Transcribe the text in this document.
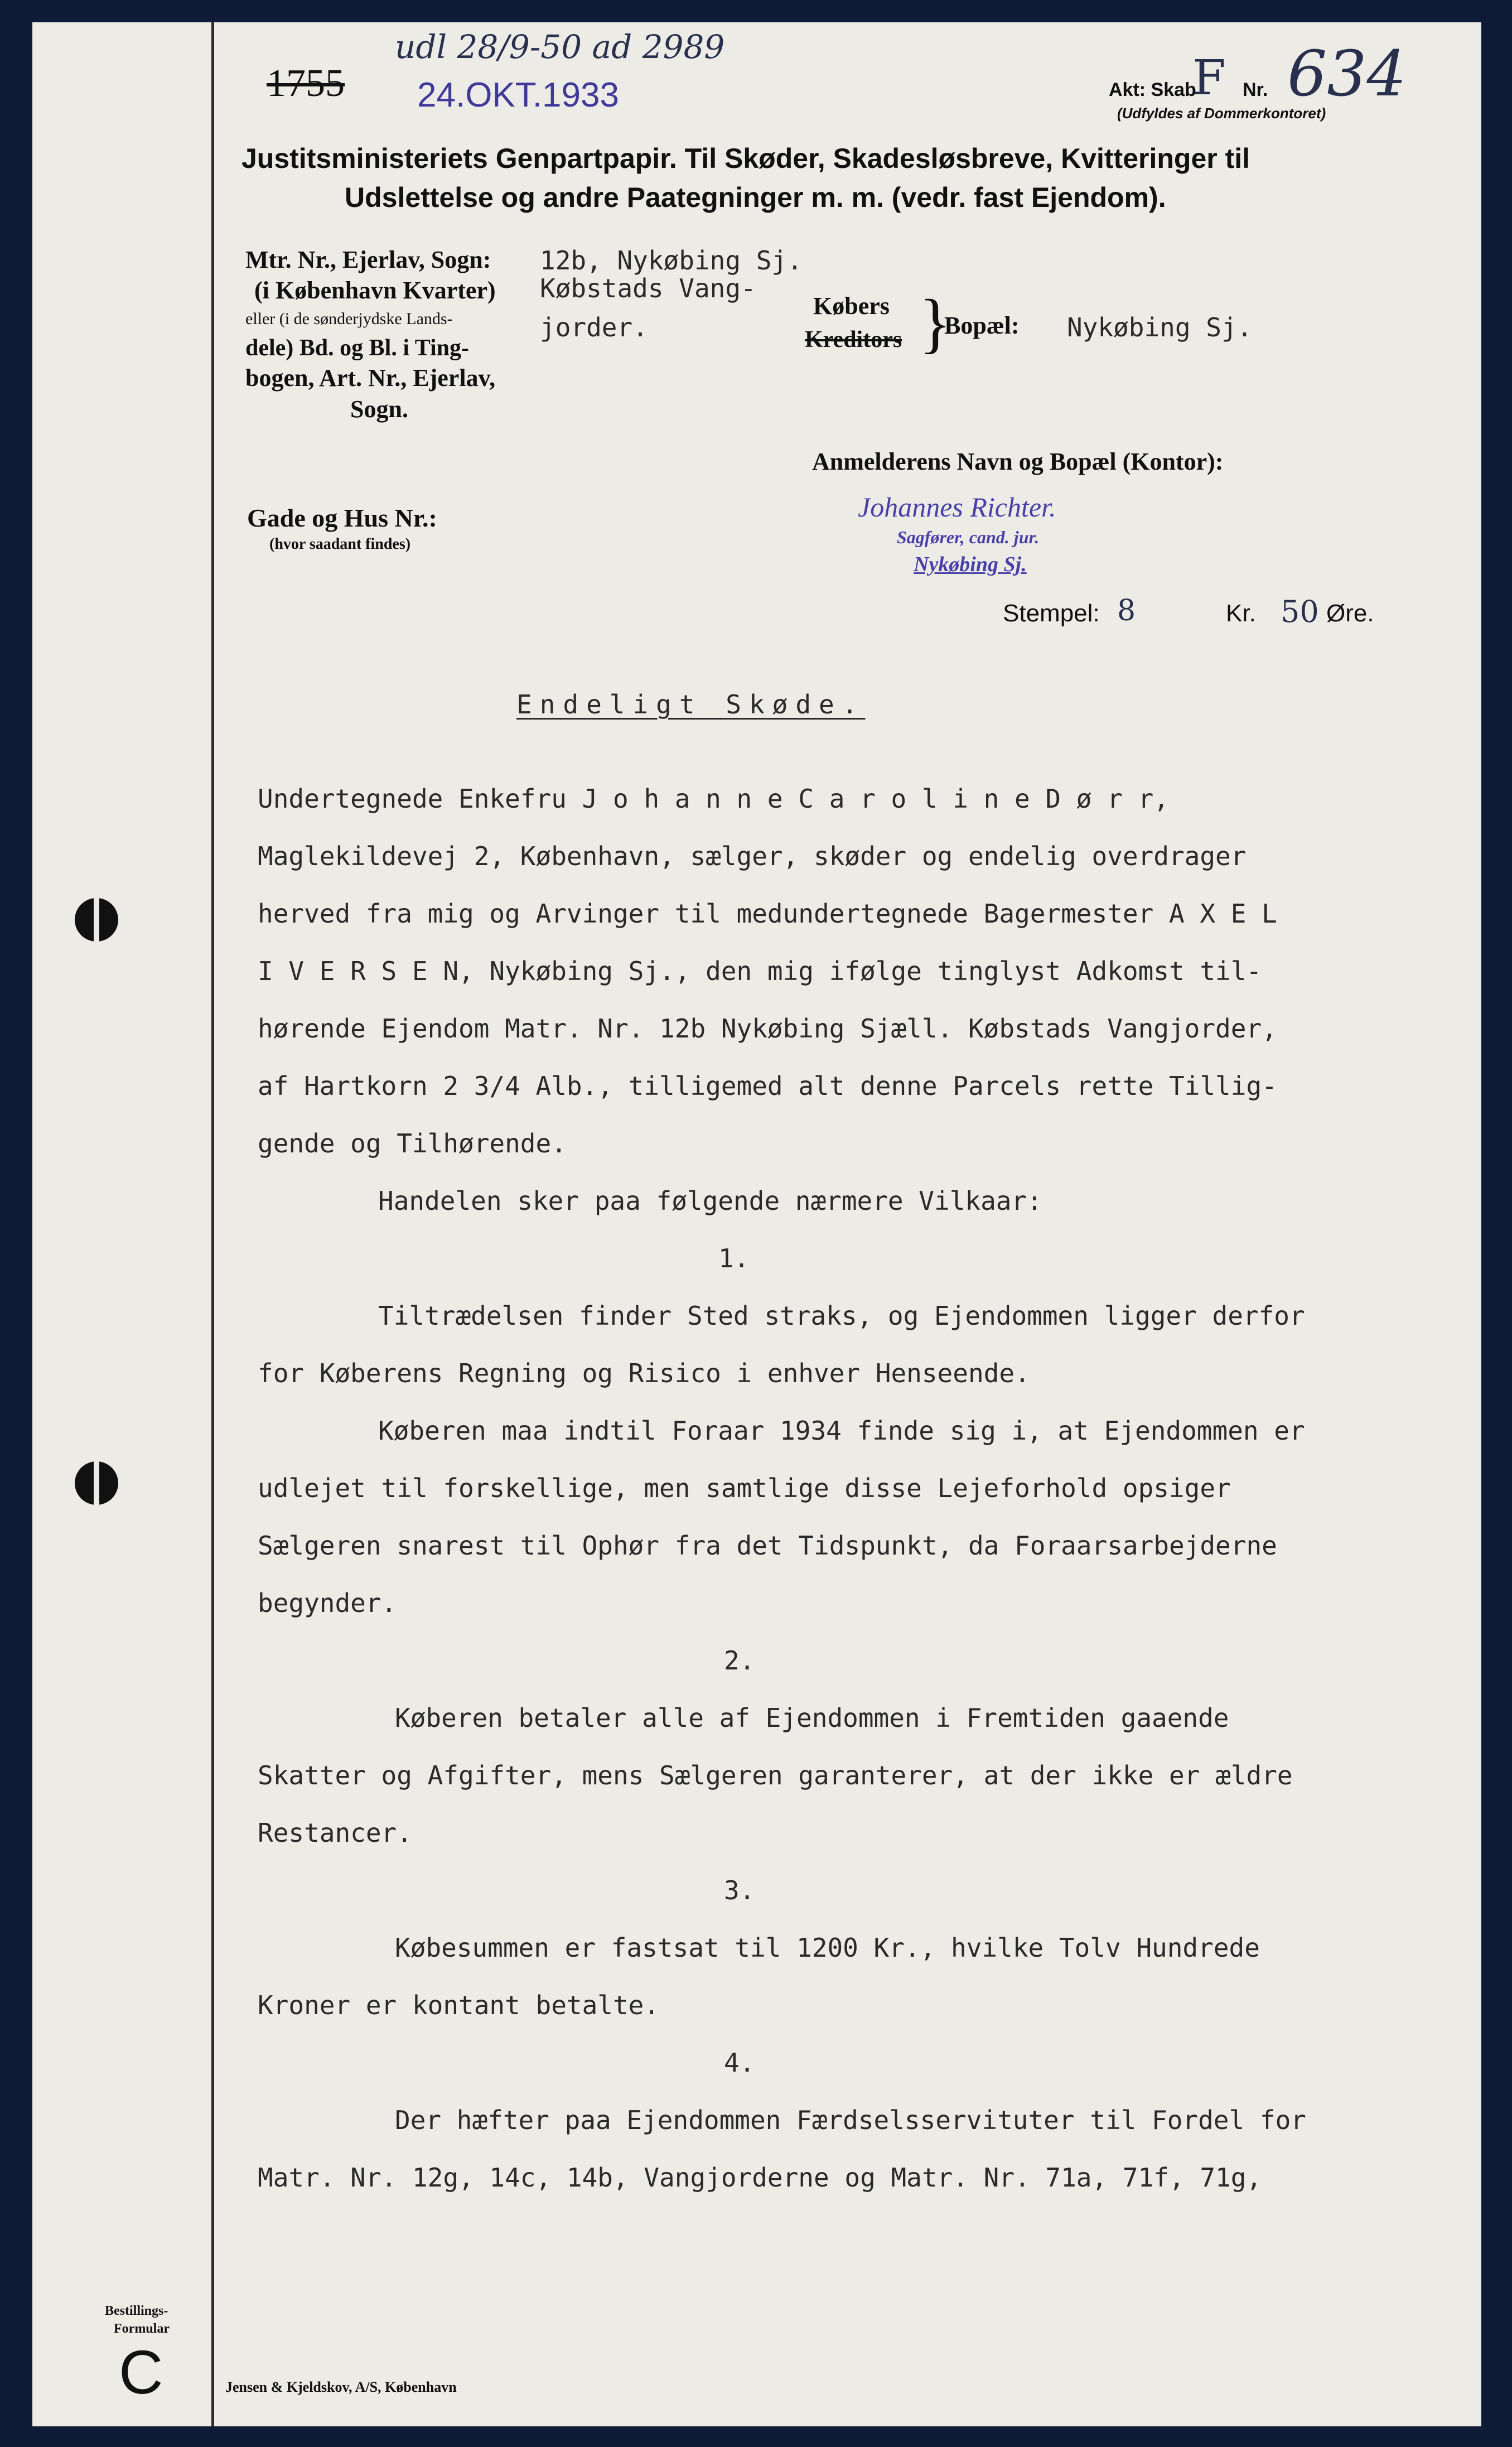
1755
udl 28/9-50 ad 2989
24.OKT.1933	Akt: Skab
F Nr. 634
(Udfyldes af Dommerkontoret)
Justitsministeriets Genpartpapir. Til Skøder, Skadesløsbreve, Kvitteringer til
Udslettelse og andre Paategninger m. m. (vedr. fast Ejendom).
Mtr. Nr., Ejerlav, Sogn:
(i København Kvarter)
eller (i de sønderjydske Lands-
dele) Bd. og Bl. i Ting-
bogen, Art. Nr., Ejerlav,
Sogn.
12b, Nykøbing Sj.
Købstads Vang-
jorder.
Købers
Kreditors }
Bopæl: Nykøbing Sj.
Anmelderens Navn og Bopæl (Kontor):
Johannes Richter.
Sagfører, cand. jur.
Nykøbing Sj.
Gade og Hus Nr.:
(hvor saadant findes)
Stempel: 8	Kr. 50 Øre.
Endeligt Skøde.
Undertegnede Enkefru J o h a n n e C a r o l i n e D ø r r,
Maglekildevej 2, København, sælger, skøder og endelig overdrager
herved fra mig og Arvinger til medundertegnede Bagermester A X E L
I V E R S E N, Nykøbing Sj., den mig ifølge tinglyst Adkomst til-
hørende Ejendom Matr. Nr. 12b Nykøbing Sjæll. Købstads Vangjorder,
af Hartkorn 2 3/4 Alb., tilligemed alt denne Parcels rette Tillig-
gende og Tilhørende.
Handelen sker paa følgende nærmere Vilkaar:
1.
Tiltrædelsen finder Sted straks, og Ejendommen ligger derfor
for Køberens Regning og Risico i enhver Henseende.
Køberen maa indtil Foraar 1934 finde sig i, at Ejendommen er
udlejet til forskellige, men samtlige disse Lejeforhold opsiger
Sælgeren snarest til Ophør fra det Tidspunkt, da Foraarsarbejderne
begynder.
2.
Køberen betaler alle af Ejendommen i Fremtiden gaaende
Skatter og Afgifter, mens Sælgeren garanterer, at der ikke er ældre
Restancer.
3.
Købesummen er fastsat til 1200 Kr., hvilke Tolv Hundrede
Kroner er kontant betalte.
4.
Der hæfter paa Ejendommen Færdselsservituter til Fordel for
Matr. Nr. 12g, 14c, 14b, Vangjorderne og Matr. Nr. 71a, 71f, 71g,
Bestillings-
Formular
C	Jensen & Kjeldskov, A/S, København
